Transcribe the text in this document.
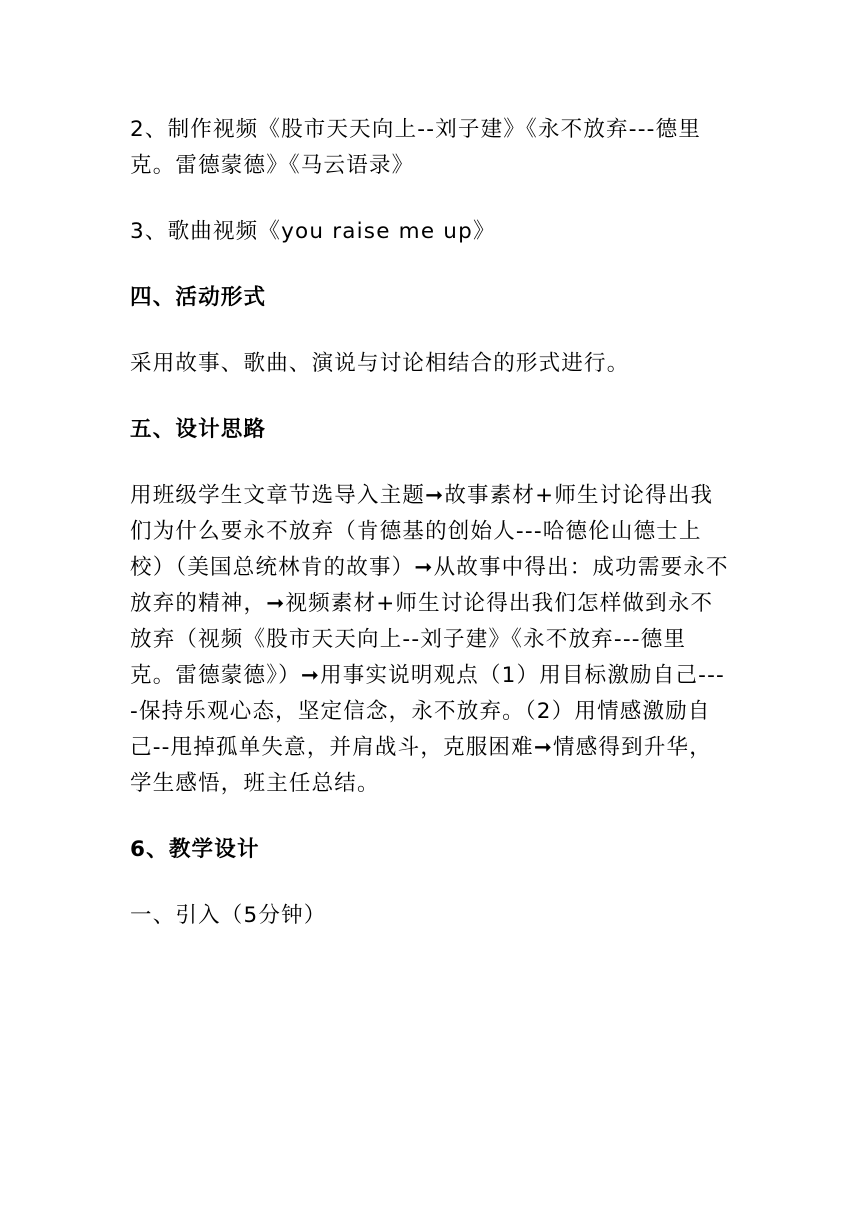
2、制作视频《股市天天向上--刘子建》《永不放弃---德里克。雷德蒙德》《马云语录》

3、歌曲视频《you raise me up》

四、活动形式

采用故事、歌曲、演说与讨论相结合的形式进行。

五、设计思路

用班级学生文章节选导入主题➞故事素材+师生讨论得出我们为什么要永不放弃（肯德基的创始人---哈德伦山德士上校）（美国总统林肯的故事）➞从故事中得出：成功需要永不放弃的精神，➞视频素材+师生讨论得出我们怎样做到永不放弃（视频《股市天天向上--刘子建》《永不放弃---德里克。雷德蒙德》）➞用事实说明观点（1）用目标激励自己----保持乐观心态，坚定信念，永不放弃。（2）用情感激励自己--甩掉孤单失意，并肩战斗，克服困难➞情感得到升华，学生感悟，班主任总结。

6、教学设计

一、引入（5分钟）
